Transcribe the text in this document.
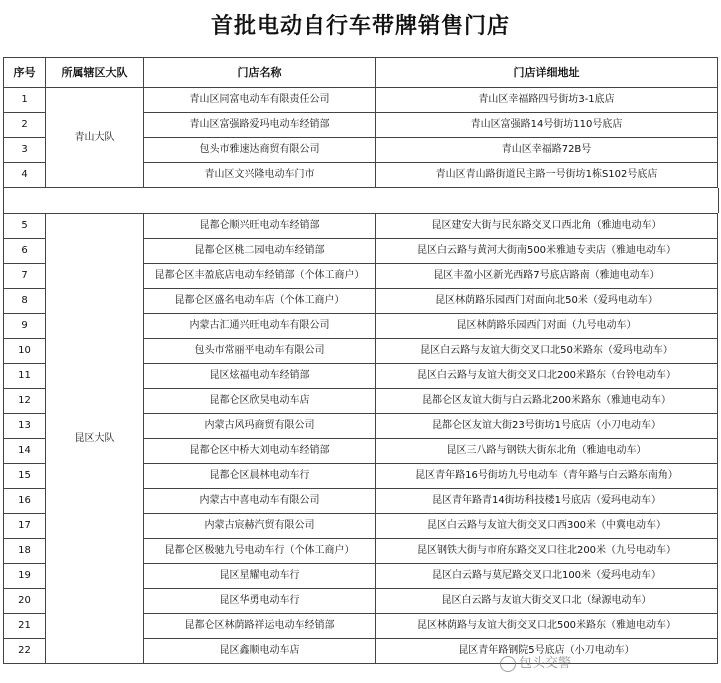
首批电动自行车带牌销售门店
序号	所属辖区大队	门店名称	门店详细地址
1	青山大队	青山区同富电动车有限责任公司	青山区幸福路四号街坊3-1底店
2		青山区富强路爱玛电动车经销部	青山区富强路14号街坊110号底店
3		包头市雅速达商贸有限公司	青山区幸福路72B号
4		青山区文兴隆电动车门市	青山区青山路街道民主路一号街坊1栋S102号底店
5	昆区大队	昆都仑顺兴旺电动车经销部	昆区建安大街与民东路交叉口西北角（雅迪电动车）
6		昆都仑区桃二园电动车经销部	昆区白云路与黄河大街南500米雅迪专卖店（雅迪电动车）
7		昆都仑区丰盈底店电动车经销部（个体工商户）	昆区丰盈小区新光西路7号底店路南（雅迪电动车）
8		昆都仑区盛名电动车店（个体工商户）	昆区林荫路乐园西门对面向北50米（爱玛电动车）
9		内蒙古汇通兴旺电动车有限公司	昆区林荫路乐园西门对面（九号电动车）
10		包头市常丽平电动车有限公司	昆区白云路与友谊大街交叉口北50米路东（爱玛电动车）
11		昆区炫福电动车经销部	昆区白云路与友谊大街交叉口北200米路东（台铃电动车）
12		昆都仑区欣昊电动车店	昆都仑区友谊大街与白云路北200米路东（雅迪电动车）
13		内蒙古风玛商贸有限公司	昆都仑区友谊大街23号街坊1号底店（小刀电动车）
14		昆都仑区中桥大刘电动车经销部	昆区三八路与钢铁大街东北角（雅迪电动车）
15		昆都仑区晨林电动车行	昆区青年路16号街坊九号电动车（青年路与白云路东南角）
16		内蒙古中喜电动车有限公司	昆区青年路青14街坊科技楼1号底店（爱玛电动车）
17		内蒙古宸赫汽贸有限公司	昆区白云路与友谊大街交叉口西300米（中冀电动车）
18		昆都仑区极驰九号电动车行（个体工商户）	昆区钢铁大街与市府东路交叉口往北200米（九号电动车）
19		昆区星耀电动车行	昆区白云路与莫尼路交叉口北100米（爱玛电动车）
20		昆区华勇电动车行	昆区白云路与友谊大街交叉口北（绿源电动车）
21		昆都仑区林荫路祥运电动车经销部	昆区林荫路与友谊大街交叉口北500米路东（雅迪电动车）
22		昆区鑫顺电动车店	昆区青年路钢院5号底店（小刀电动车）
包头交警
